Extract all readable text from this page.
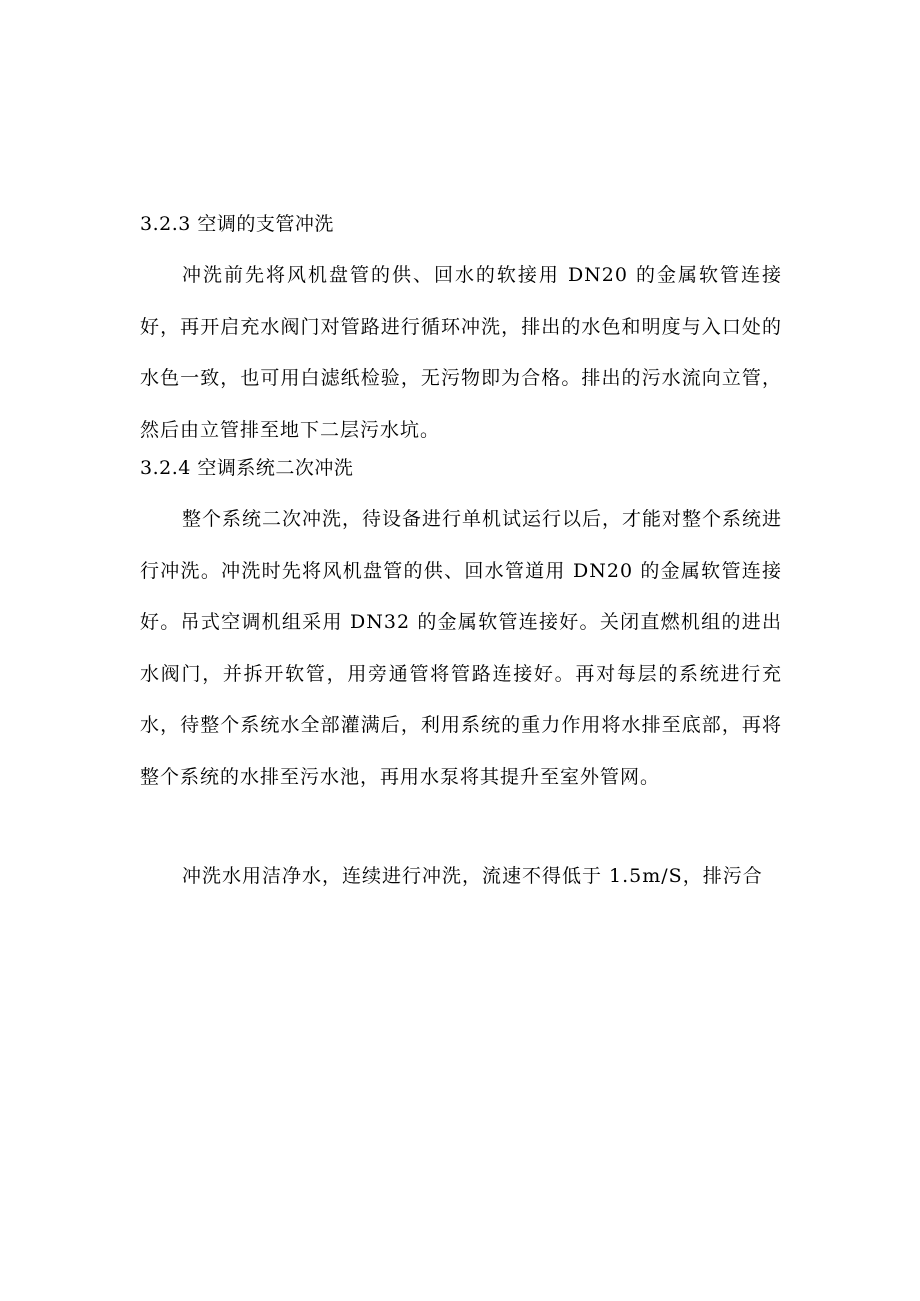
3.2.3 空调的支管冲洗

冲洗前先将风机盘管的供、回水的软接用 DN20 的金属软管连接好，再开启充水阀门对管路进行循环冲洗，排出的水色和明度与入口处的水色一致，也可用白滤纸检验，无污物即为合格。排出的污水流向立管，然后由立管排至地下二层污水坑。

3.2.4 空调系统二次冲洗

整个系统二次冲洗，待设备进行单机试运行以后，才能对整个系统进行冲洗。冲洗时先将风机盘管的供、回水管道用 DN20 的金属软管连接好。吊式空调机组采用 DN32 的金属软管连接好。关闭直燃机组的进出水阀门，并拆开软管，用旁通管将管路连接好。再对每层的系统进行充水，待整个系统水全部灌满后，利用系统的重力作用将水排至底部，再将整个系统的水排至污水池，再用水泵将其提升至室外管网。

冲洗水用洁净水，连续进行冲洗，流速不得低于 1.5m/S，排污合
